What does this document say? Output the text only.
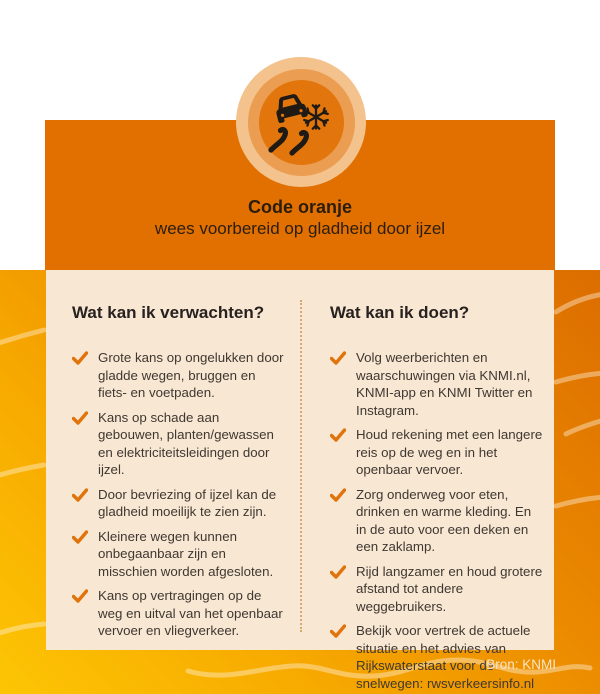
Code oranje
wees voorbereid op gladheid door ijzel
Wat kan ik verwachten?
Grote kans op ongelukken door gladde wegen, bruggen en fiets- en voetpaden.
Kans op schade aan gebouwen, planten/gewassen en elektriciteitsleidingen door ijzel.
Door bevriezing of ijzel kan de gladheid moeilijk te zien zijn.
Kleinere wegen kunnen onbegaanbaar zijn en misschien worden afgesloten.
Kans op vertragingen op de weg en uitval van het openbaar vervoer en vliegverkeer.
Wat kan ik doen?
Volg weerberichten en waarschuwingen via KNMI.nl, KNMI-app en KNMI Twitter en Instagram.
Houd rekening met een langere reis op de weg en in het openbaar vervoer.
Zorg onderweg voor eten, drinken en warme kleding. En in de auto voor een deken en een zaklamp.
Rijd langzamer en houd grotere afstand tot andere weggebruikers.
Bekijk voor vertrek de actuele situatie en het advies van Rijkswaterstaat voor de snelwegen: rwsverkeersinfo.nl
Bron: KNMI
